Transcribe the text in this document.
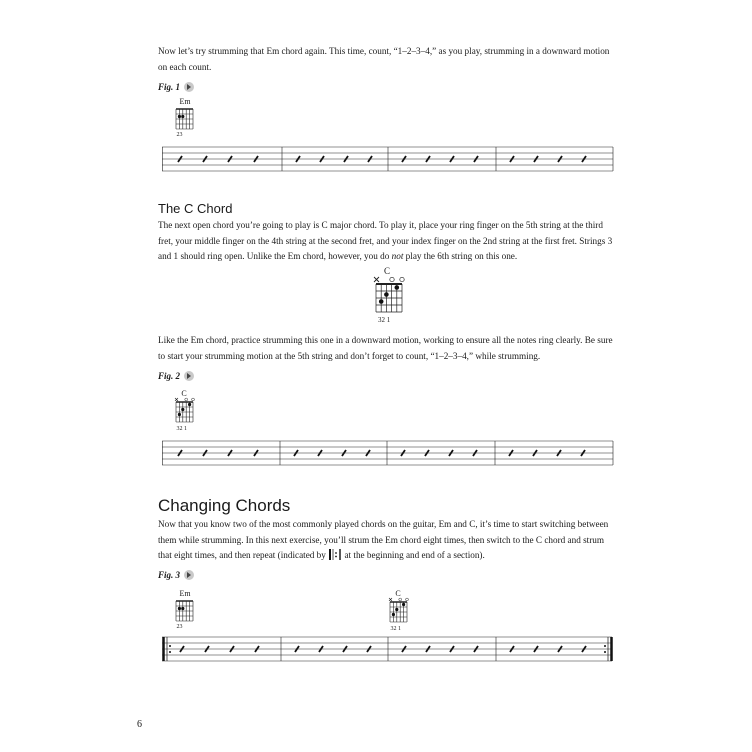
Now let’s try strumming that Em chord again. This time, count, “1–2–3–4,” as you play, strumming in a downward motion on each count.
Fig. 1
Em
23
The C Chord
The next open chord you’re going to play is C major chord. To play it, place your ring finger on the 5th string at the third fret, your middle finger on the 4th string at the second fret, and your index finger on the 2nd string at the first fret. Strings 3 and 1 should ring open. Unlike the Em chord, however, you do not play the 6th string on this one.
C
32 1
Like the Em chord, practice strumming this one in a downward motion, working to ensure all the notes ring clearly. Be sure to start your strumming motion at the 5th string and don’t forget to count, “1–2–3–4,” while strumming.
Fig. 2
C
32 1
Changing Chords
Now that you know two of the most commonly played chords on the guitar, Em and C, it’s time to start switching between them while strumming. In this next exercise, you’ll strum the Em chord eight times, then switch to the C chord and strum that eight times, and then repeat (indicated by  at the beginning and end of a section).
Fig. 3
Em
23
C
32 1
6
